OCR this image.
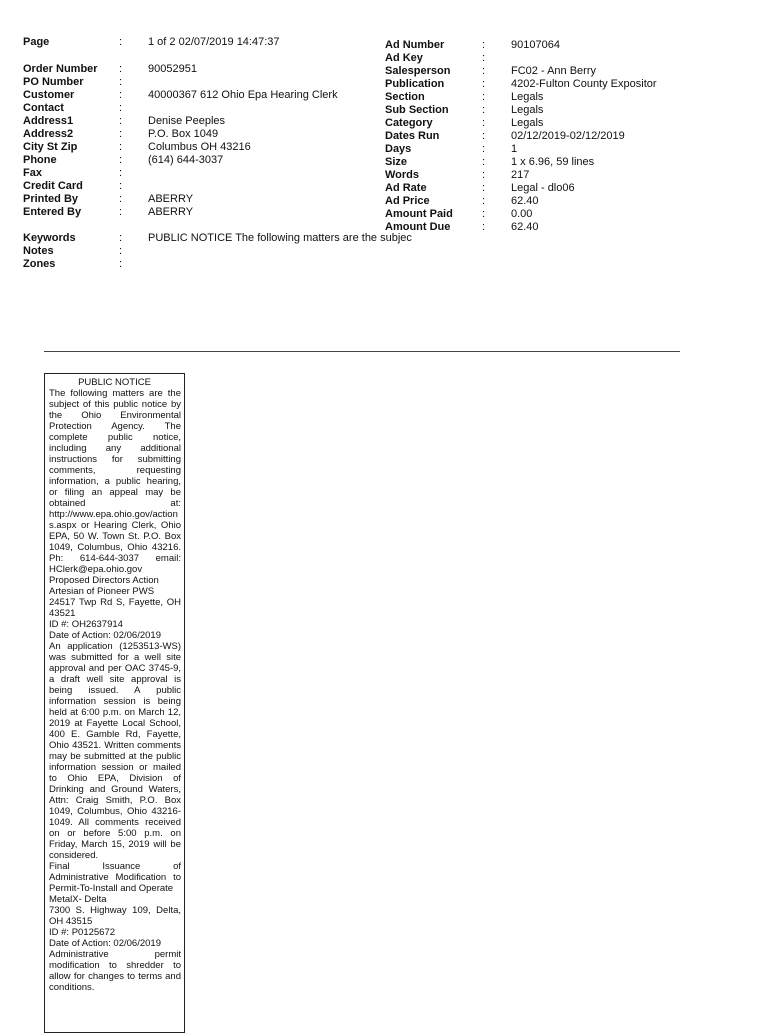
Page	: 1 of 2 02/07/2019 14:47:37
Order Number : 90052951
PO Number	:
Customer	: 40000367 612 Ohio Epa Hearing Clerk
Contact	:
Address1	: Denise Peeples
Address2	: P.O. Box 1049
City St Zip	: Columbus OH 43216
Phone	: (614) 644-3037
Fax	:
Credit Card	:
Printed By	: ABERRY
Entered By	: ABERRY
Keywords	: PUBLIC NOTICE The following matters are the subjec
Notes	:
Zones	:
Ad Number	: 90107064
Ad Key	:
Salesperson	: FC02 - Ann Berry
Publication	: 4202-Fulton County Expositor
Section	: Legals
Sub Section	: Legals
Category	: Legals
Dates Run	: 02/12/2019-02/12/2019
Days	: 1
Size	: 1 x 6.96, 59 lines
Words	: 217
Ad Rate	: Legal - dlo06
Ad Price	: 62.40
Amount Paid	: 0.00
Amount Due	: 62.40
PUBLIC NOTICE
The following matters are the subject of this public notice by the Ohio Environmental Protection Agency. The complete public notice, including any additional instructions for submitting comments, requesting information, a public hearing, or filing an appeal may be obtained at: http://www.epa.ohio.gov/actions.aspx or Hearing Clerk, Ohio EPA, 50 W. Town St. P.O. Box 1049, Columbus, Ohio 43216. Ph: 614-644-3037 email: HClerk@epa.ohio.gov
Proposed Directors Action
Artesian of Pioneer PWS
24517 Twp Rd S, Fayette, OH 43521
ID #: OH2637914
Date of Action: 02/06/2019
An application (1253513-WS) was submitted for a well site approval and per OAC 3745-9, a draft well site approval is being issued. A public information session is being held at 6:00 p.m. on March 12, 2019 at Fayette Local School, 400 E. Gamble Rd, Fayette, Ohio 43521. Written comments may be submitted at the public information session or mailed to Ohio EPA, Division of Drinking and Ground Waters, Attn: Craig Smith, P.O. Box 1049, Columbus, Ohio 43216-1049. All comments received on or before 5:00 p.m. on Friday, March 15, 2019 will be considered.
Final Issuance of Administrative Modification to Permit-To-Install and Operate
MetalX- Delta
7300 S. Highway 109, Delta, OH 43515
ID #: P0125672
Date of Action: 02/06/2019
Administrative permit modification to shredder to allow for changes to terms and conditions.
